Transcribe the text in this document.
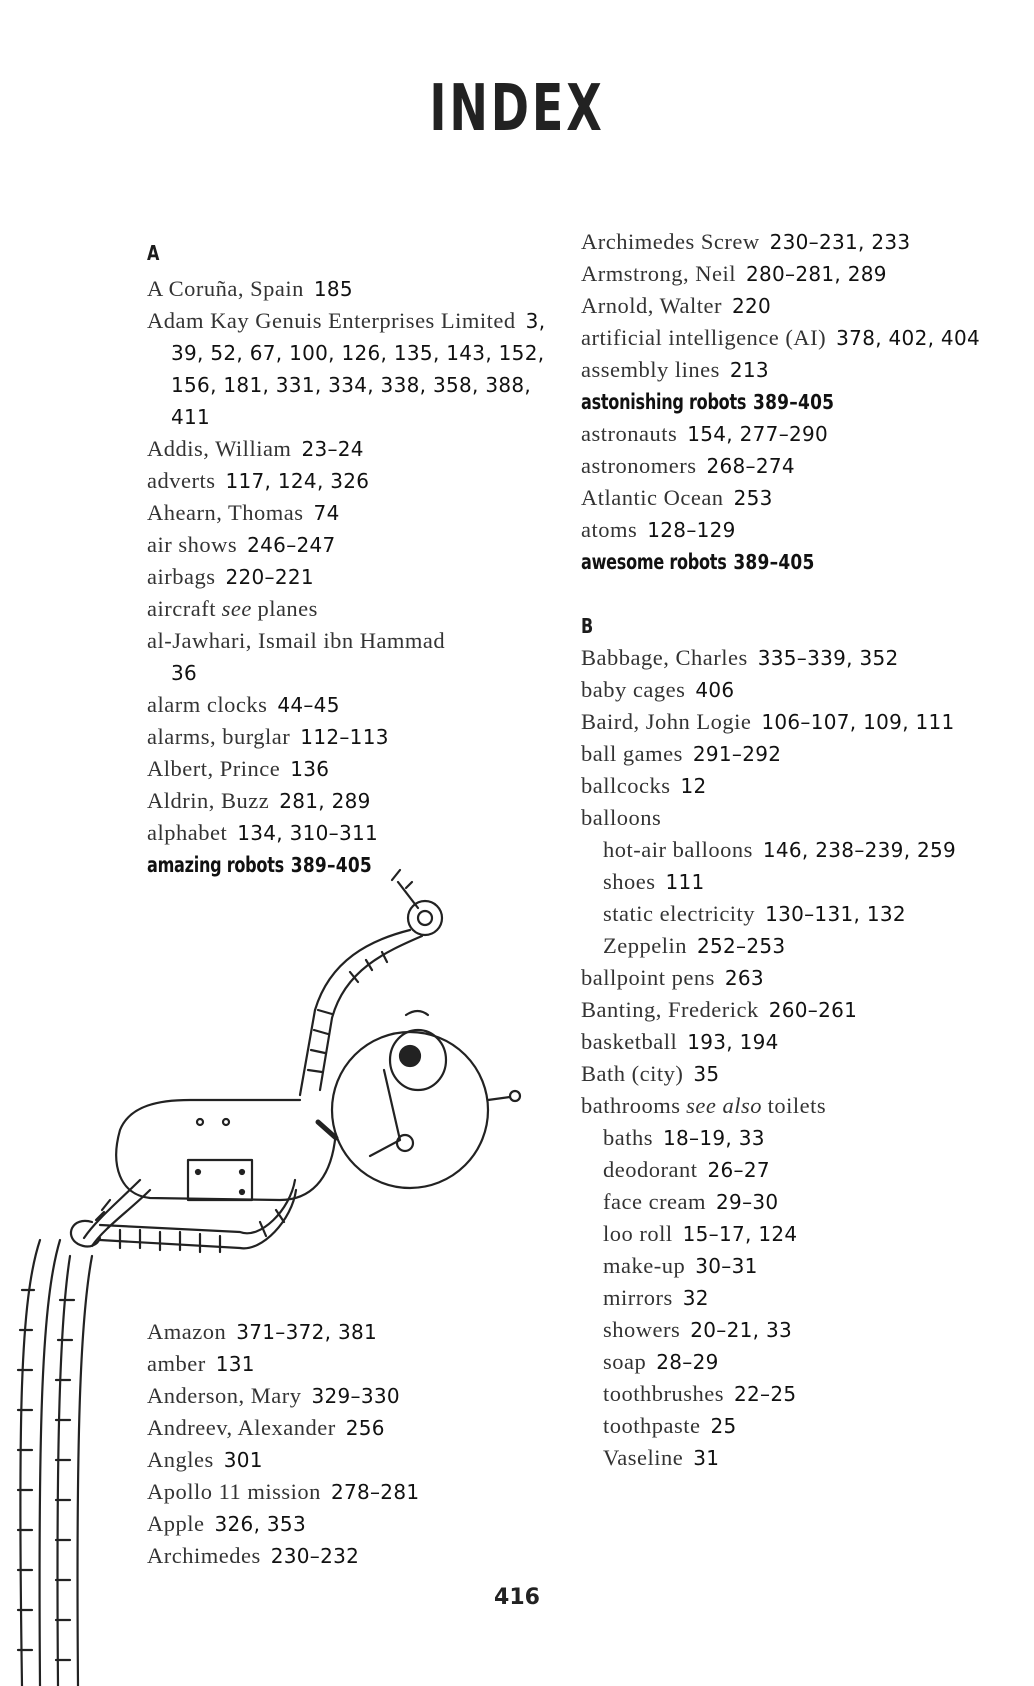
INDEX
A
A Coruña, Spain 185
Adam Kay Genuis Enterprises Limited 3, 39, 52, 67, 100, 126, 135, 143, 152, 156, 181, 331, 334, 338, 358, 388, 411
Addis, William 23–24
adverts 117, 124, 326
Ahearn, Thomas 74
air shows 246–247
airbags 220–221
aircraft see planes
al-Jawhari, Ismail ibn Hammad
36
alarm clocks 44–45
alarms, burglar 112–113
Albert, Prince 136
Aldrin, Buzz 281, 289
alphabet 134, 310–311
amazing robots 389–405
Amazon 371–372, 381
amber 131
Anderson, Mary 329–330
Andreev, Alexander 256
Angles 301
Apollo 11 mission 278–281
Apple 326, 353
Archimedes 230–232
Archimedes Screw 230–231, 233
Armstrong, Neil 280–281, 289
Arnold, Walter 220
artificial intelligence (AI) 378, 402, 404
assembly lines 213
astonishing robots 389–405
astronauts 154, 277–290
astronomers 268–274
Atlantic Ocean 253
atoms 128–129
awesome robots 389–405
B
Babbage, Charles 335–339, 352
baby cages 406
Baird, John Logie 106–107, 109, 111
ball games 291–292
ballcocks 12
balloons
hot-air balloons 146, 238–239, 259
shoes 111
static electricity 130–131, 132
Zeppelin 252–253
ballpoint pens 263
Banting, Frederick 260–261
basketball 193, 194
Bath (city) 35
bathrooms see also toilets
baths 18–19, 33
deodorant 26–27
face cream 29–30
loo roll 15–17, 124
make-up 30–31
mirrors 32
showers 20–21, 33
soap 28–29
toothbrushes 22–25
toothpaste 25
Vaseline 31
416
